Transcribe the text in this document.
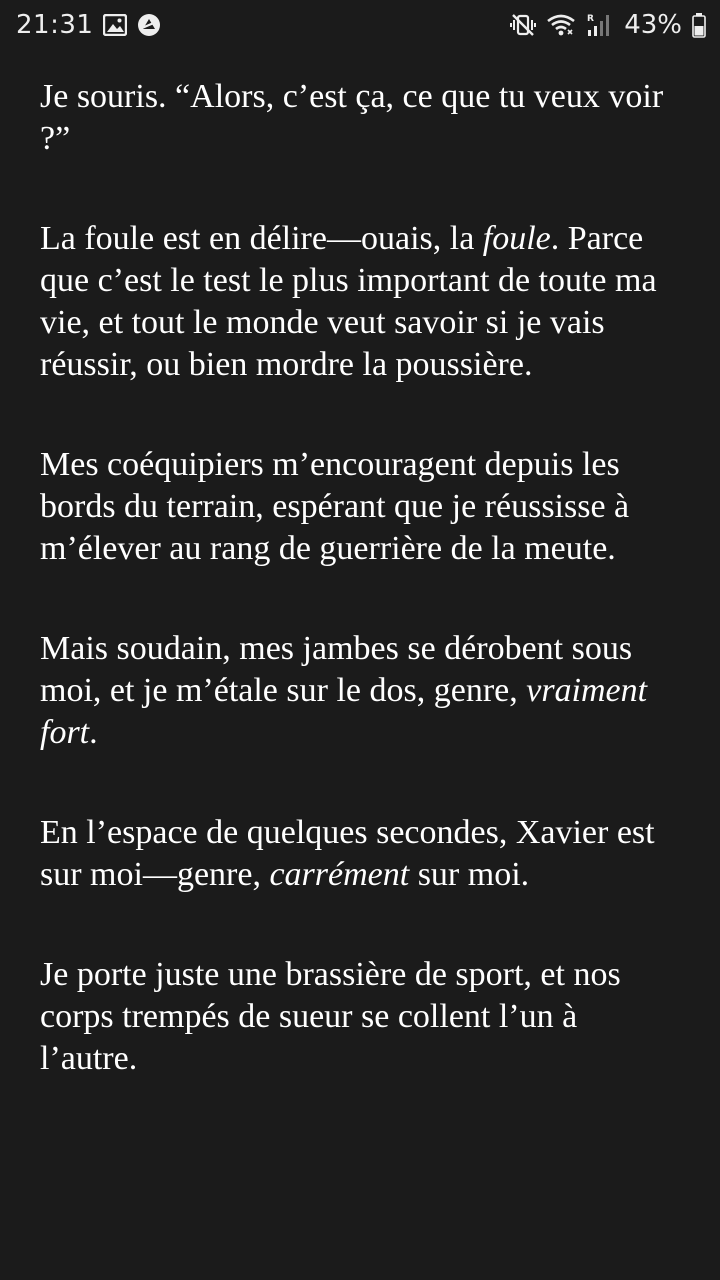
21:31	R 43%

Je souris. “Alors, c’est ça, ce que tu veux voir ?”

La foule est en délire—ouais, la foule. Parce que c’est le test le plus important de toute ma vie, et tout le monde veut savoir si je vais réussir, ou bien mordre la poussière.

Mes coéquipiers m’encouragent depuis les bords du terrain, espérant que je réussisse à m’élever au rang de guerrière de la meute.

Mais soudain, mes jambes se dérobent sous moi, et je m’étale sur le dos, genre, vraiment fort.

En l’espace de quelques secondes, Xavier est sur moi—genre, carrément sur moi.

Je porte juste une brassière de sport, et nos corps trempés de sueur se collent l’un à l’autre.
